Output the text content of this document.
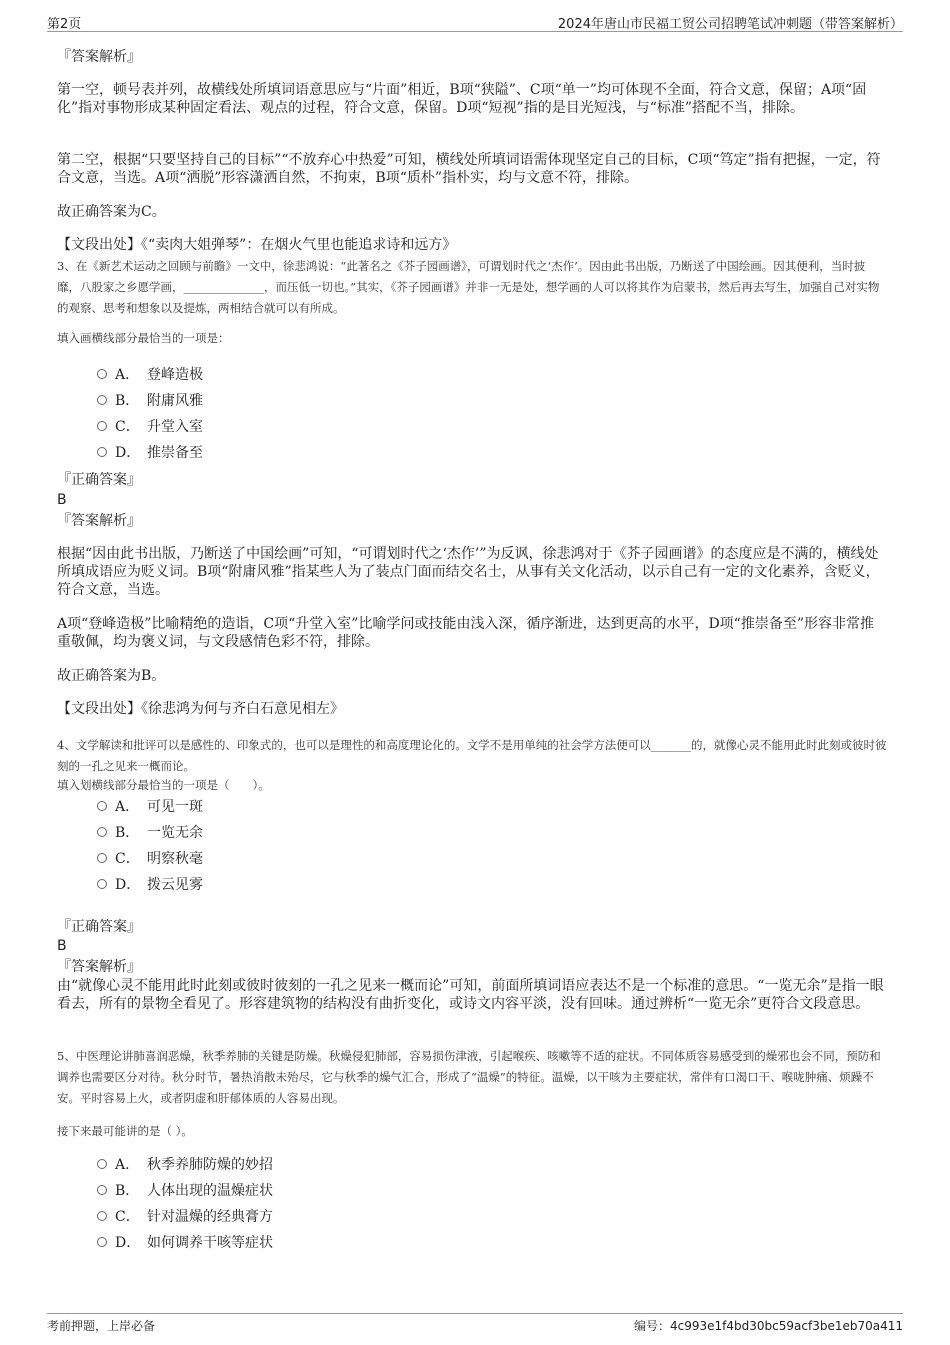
第2页	2024年唐山市民福工贸公司招聘笔试冲刺题（带答案解析）
『答案解析』
第一空，顿号表并列，故横线处所填词语意思应与“片面”相近，B项“狭隘”、C项“单一”均可体现不全面，符合文意，保留；A项“固化”指对事物形成某种固定看法、观点的过程，符合文意，保留。D项“短视”指的是目光短浅，与“标准”搭配不当，排除。
第二空，根据“只要坚持自己的目标”“不放弃心中热爱”可知，横线处所填词语需体现坚定自己的目标，C项“笃定”指有把握，一定，符合文意，当选。A项“洒脱”形容潇洒自然，不拘束，B项“质朴”指朴实，均与文意不符，排除。
故正确答案为C。
【文段出处】《“卖肉大姐弹琴”：在烟火气里也能追求诗和远方》
3、在《新艺术运动之回顾与前瞻》一文中，徐悲鸿说：“此著名之《芥子园画谱》，可谓划时代之‘杰作’。因由此书出版，乃断送了中国绘画。因其便利，当时披靡，八股家之乡愿学画，______________，而压低一切也。”其实，《芥子园画谱》并非一无是处，想学画的人可以将其作为启蒙书，然后再去写生，加强自己对实物的观察、思考和想象以及提炼，两相结合就可以有所成。
填入画横线部分最恰当的一项是：
A． 登峰造极
B． 附庸风雅
C． 升堂入室
D． 推崇备至
『正确答案』
B
『答案解析』
根据“因由此书出版，乃断送了中国绘画”可知，“可谓划时代之‘杰作’”为反讽，徐悲鸿对于《芥子园画谱》的态度应是不满的，横线处所填成语应为贬义词。B项“附庸风雅”指某些人为了装点门面而结交名士，从事有关文化活动，以示自己有一定的文化素养，含贬义，符合文意，当选。
A项“登峰造极”比喻精绝的造诣，C项“升堂入室”比喻学问或技能由浅入深，循序渐进，达到更高的水平，D项“推崇备至”形容非常推重敬佩，均为褒义词，与文段感情色彩不符，排除。
故正确答案为B。
【文段出处】《徐悲鸿为何与齐白石意见相左》
4、文学解读和批评可以是感性的、印象式的，也可以是理性的和高度理论化的。文学不是用单纯的社会学方法便可以_______的，就像心灵不能用此时此刻或彼时彼刻的一孔之见来一概而论。
填入划横线部分最恰当的一项是（　　）。
A． 可见一斑
B． 一览无余
C． 明察秋毫
D． 拨云见雾
『正确答案』
B
『答案解析』
由“就像心灵不能用此时此刻或彼时彼刻的一孔之见来一概而论”可知，前面所填词语应表达不是一个标准的意思。“一览无余”是指一眼看去，所有的景物全看见了。形容建筑物的结构没有曲折变化，或诗文内容平淡，没有回味。通过辨析“一览无余”更符合文段意思。
5、中医理论讲肺喜润恶燥，秋季养肺的关键是防燥。秋燥侵犯肺部，容易损伤津液，引起喉疾、咳嗽等不适的症状。不同体质容易感受到的燥邪也会不同，预防和调养也需要区分对待。秋分时节，暑热消散未殆尽，它与秋季的燥气汇合，形成了“温燥”的特征。温燥，以干咳为主要症状，常伴有口渴口干、喉咙肿痛、烦躁不安。平时容易上火，或者阴虚和肝郁体质的人容易出现。
接下来最可能讲的是（ ）。
A． 秋季养肺防燥的妙招
B． 人体出现的温燥症状
C． 针对温燥的经典膏方
D． 如何调养干咳等症状
考前押题，上岸必备	编号：4c993e1f4bd30bc59acf3be1eb70a411
